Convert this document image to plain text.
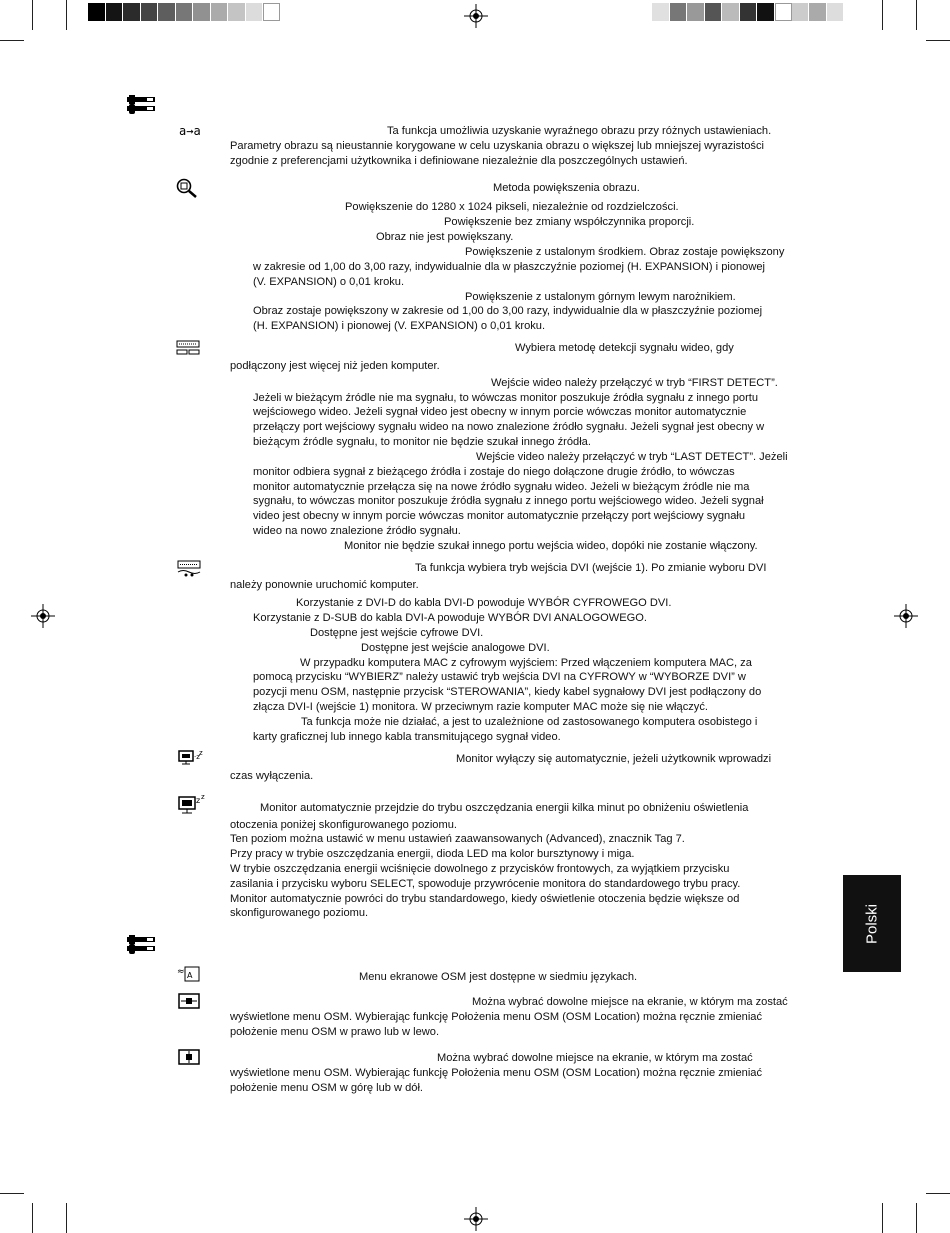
Polski
a→a
·z z
z z
≈ A
Ta funkcja umożliwia uzyskanie wyraźnego obrazu przy różnych ustawieniach.
Parametry obrazu są nieustannie korygowane w celu uzyskania obrazu o większej lub mniejszej wyrazistości
zgodnie z preferencjami użytkownika i definiowane niezależnie dla poszczególnych ustawień.
Metoda powiększenia obrazu.
Powiększenie do 1280 x 1024 pikseli, niezależnie od rozdzielczości.
Powiększenie bez zmiany współczynnika proporcji.
Obraz nie jest powiększany.
Powiększenie z ustalonym środkiem. Obraz zostaje powiększony
w zakresie od 1,00 do 3,00 razy, indywidualnie dla w płaszczyźnie poziomej (H. EXPANSION) i pionowej
(V. EXPANSION) o 0,01 kroku.
Powiększenie z ustalonym górnym lewym narożnikiem.
Obraz zostaje powiększony w zakresie od 1,00 do 3,00 razy, indywidualnie dla w płaszczyźnie poziomej
(H. EXPANSION) i pionowej (V. EXPANSION) o 0,01 kroku.
Wybiera metodę detekcji sygnału wideo, gdy
podłączony jest więcej niż jeden komputer.
Wejście wideo należy przełączyć w tryb “FIRST DETECT”.
Jeżeli w bieżącym źródle nie ma sygnału, to wówczas monitor poszukuje źródła sygnału z innego portu
wejściowego wideo. Jeżeli sygnał video jest obecny w innym porcie wówczas monitor automatycznie
przełączy port wejściowy sygnału wideo na nowo znalezione źródło sygnału. Jeżeli sygnał jest obecny w
bieżącym źródle sygnału, to monitor nie będzie szukał innego źródła.
Wejście video należy przełączyć w tryb “LAST DETECT”. Jeżeli
monitor odbiera sygnał z bieżącego źródła i zostaje do niego dołączone drugie źródło, to wówczas
monitor automatycznie przełącza się na nowe źródło sygnału wideo. Jeżeli w bieżącym źródle nie ma
sygnału, to wówczas monitor poszukuje źródła sygnału z innego portu wejściowego wideo. Jeżeli sygnał
video jest obecny w innym porcie wówczas monitor automatycznie przełączy port wejściowy sygnału
wideo na nowo znalezione źródło sygnału.
Monitor nie będzie szukał innego portu wejścia wideo, dopóki nie zostanie włączony.
Ta funkcja wybiera tryb wejścia DVI (wejście 1). Po zmianie wyboru DVI
należy ponownie uruchomić komputer.
Korzystanie z DVI-D do kabla DVI-D powoduje WYBÓR CYFROWEGO DVI.
Korzystanie z D-SUB do kabla DVI-A powoduje WYBÓR DVI ANALOGOWEGO.
Dostępne jest wejście cyfrowe DVI.
Dostępne jest wejście analogowe DVI.
W przypadku komputera MAC z cyfrowym wyjściem: Przed włączeniem komputera MAC, za
pomocą przycisku “WYBIERZ” należy ustawić tryb wejścia DVI na CYFROWY w “WYBORZE DVI” w
pozycji menu OSM, następnie przycisk “STEROWANIA”, kiedy kabel sygnałowy DVI jest podłączony do
złącza DVI-I (wejście 1) monitora. W przeciwnym razie komputer MAC może się nie włączyć.
Ta funkcja może nie działać, a jest to uzależnione od zastosowanego komputera osobistego i
karty graficznej lub innego kabla transmitującego sygnał video.
Monitor wyłączy się automatycznie, jeżeli użytkownik wprowadzi
czas wyłączenia.
Monitor automatycznie przejdzie do trybu oszczędzania energii kilka minut po obniżeniu oświetlenia
otoczenia poniżej skonfigurowanego poziomu.
Ten poziom można ustawić w menu ustawień zaawansowanych (Advanced), znacznik Tag 7.
Przy pracy w trybie oszczędzania energii, dioda LED ma kolor bursztynowy i miga.
W trybie oszczędzania energii wciśnięcie dowolnego z przycisków frontowych, za wyjątkiem przycisku
zasilania i przycisku wyboru SELECT, spowoduje przywrócenie monitora do standardowego trybu pracy.
Monitor automatycznie powróci do trybu standardowego, kiedy oświetlenie otoczenia będzie większe od
skonfigurowanego poziomu.
Menu ekranowe OSM jest dostępne w siedmiu językach.
Można wybrać dowolne miejsce na ekranie, w którym ma zostać
wyświetlone menu OSM. Wybierając funkcję Położenia menu OSM (OSM Location) można ręcznie zmieniać
położenie menu OSM w prawo lub w lewo.
Można wybrać dowolne miejsce na ekranie, w którym ma zostać
wyświetlone menu OSM. Wybierając funkcję Położenia menu OSM (OSM Location) można ręcznie zmieniać
położenie menu OSM w górę lub w dół.
